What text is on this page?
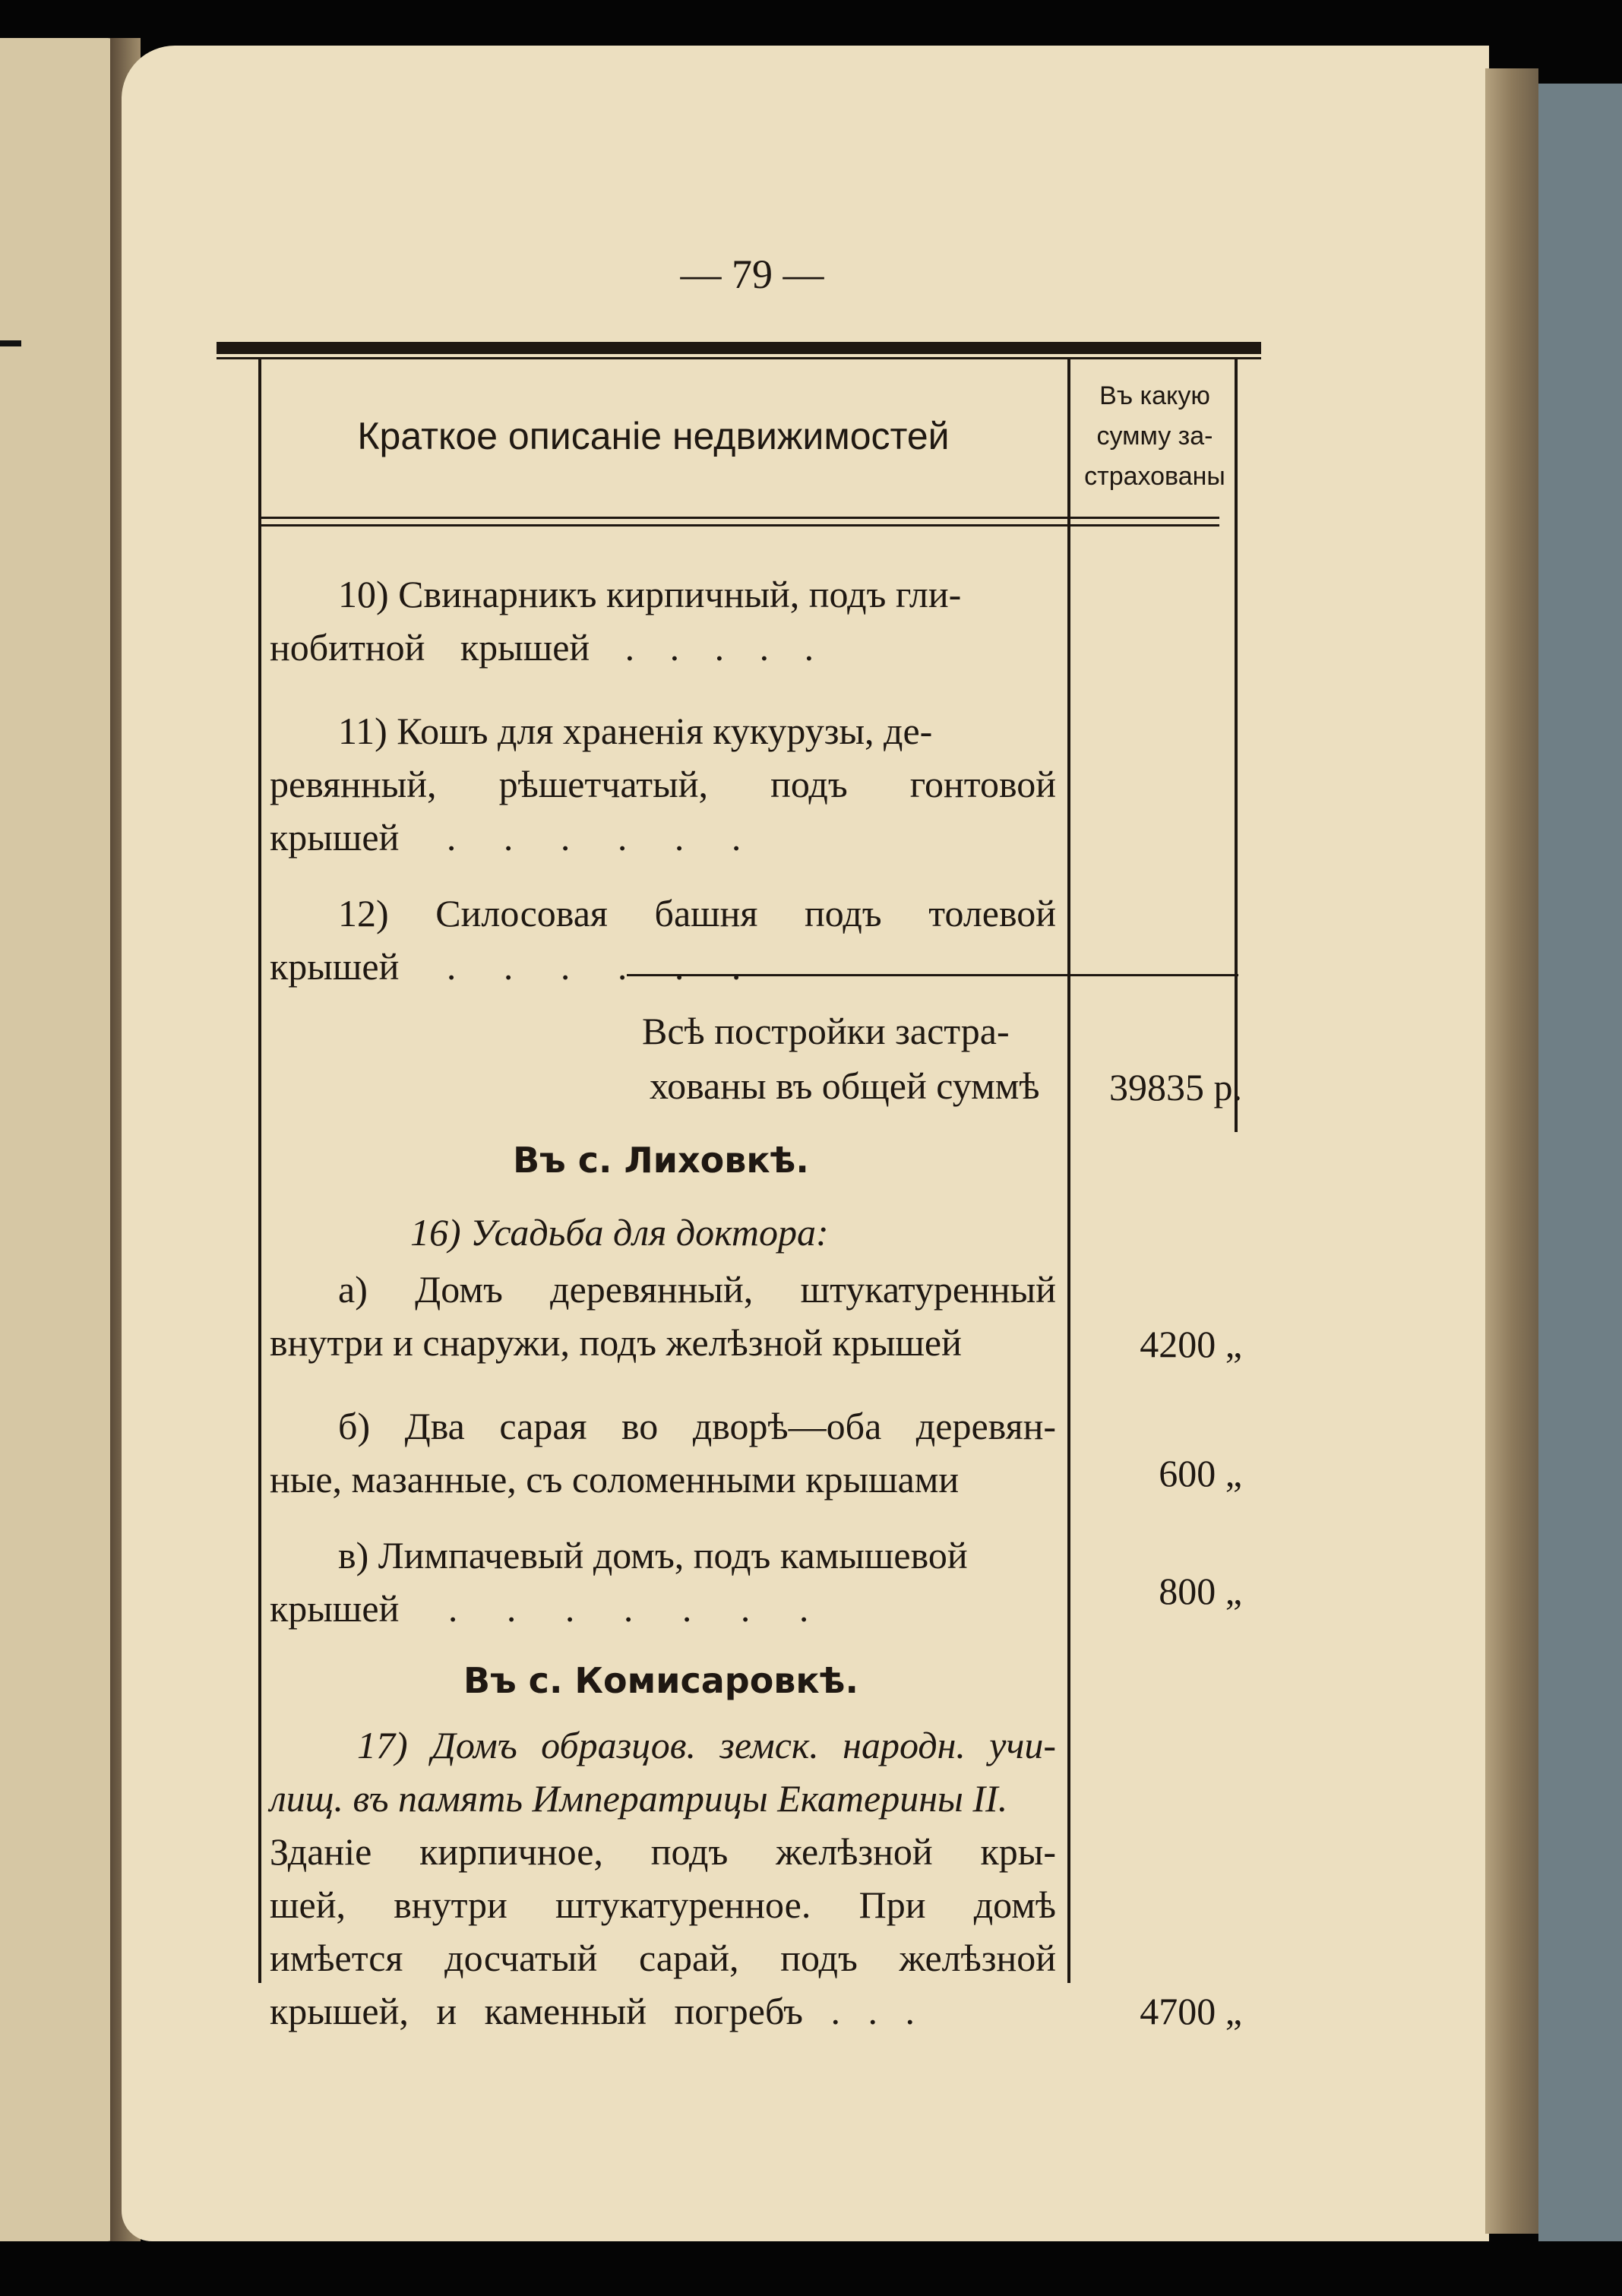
— 79 —
Краткое описаніе недвижимостей
Въ какую
сумму за-
страхованы
10) Свинарникъ кирпичный, подъ гли-
нобитной крышей . . . . .
11) Кошъ для храненія кукурузы, де-
ревянный, рѣшетчатый, подъ гонтовой
крышей . . . . . .
12) Силосовая башня подъ толевой
крышей . . . . . .
Всѣ постройки застра-
хованы въ общей суммѣ	39835 р.
Въ с. Лиховкѣ.
16) Усадьба для доктора:
а) Домъ деревянный, штукатуренный
внутри и снаружи, подъ желѣзной крышей	4200 „
б) Два сарая во дворѣ—оба деревян-
ные, мазанные, съ соломенными крышами	600 „
в) Лимпачевый домъ, подъ камышевой
крышей . . . . . . .	800 „
Въ с. Комисаровкѣ.
17) Домъ образцов. земск. народн. учи-
лищ. въ память Императрицы Екатерины II.
Зданіе кирпичное, подъ желѣзной кры-
шей, внутри штукатуренное. При домѣ
имѣется досчатый сарай, подъ желѣзной
крышей, и каменный погребъ . . .	4700 „
